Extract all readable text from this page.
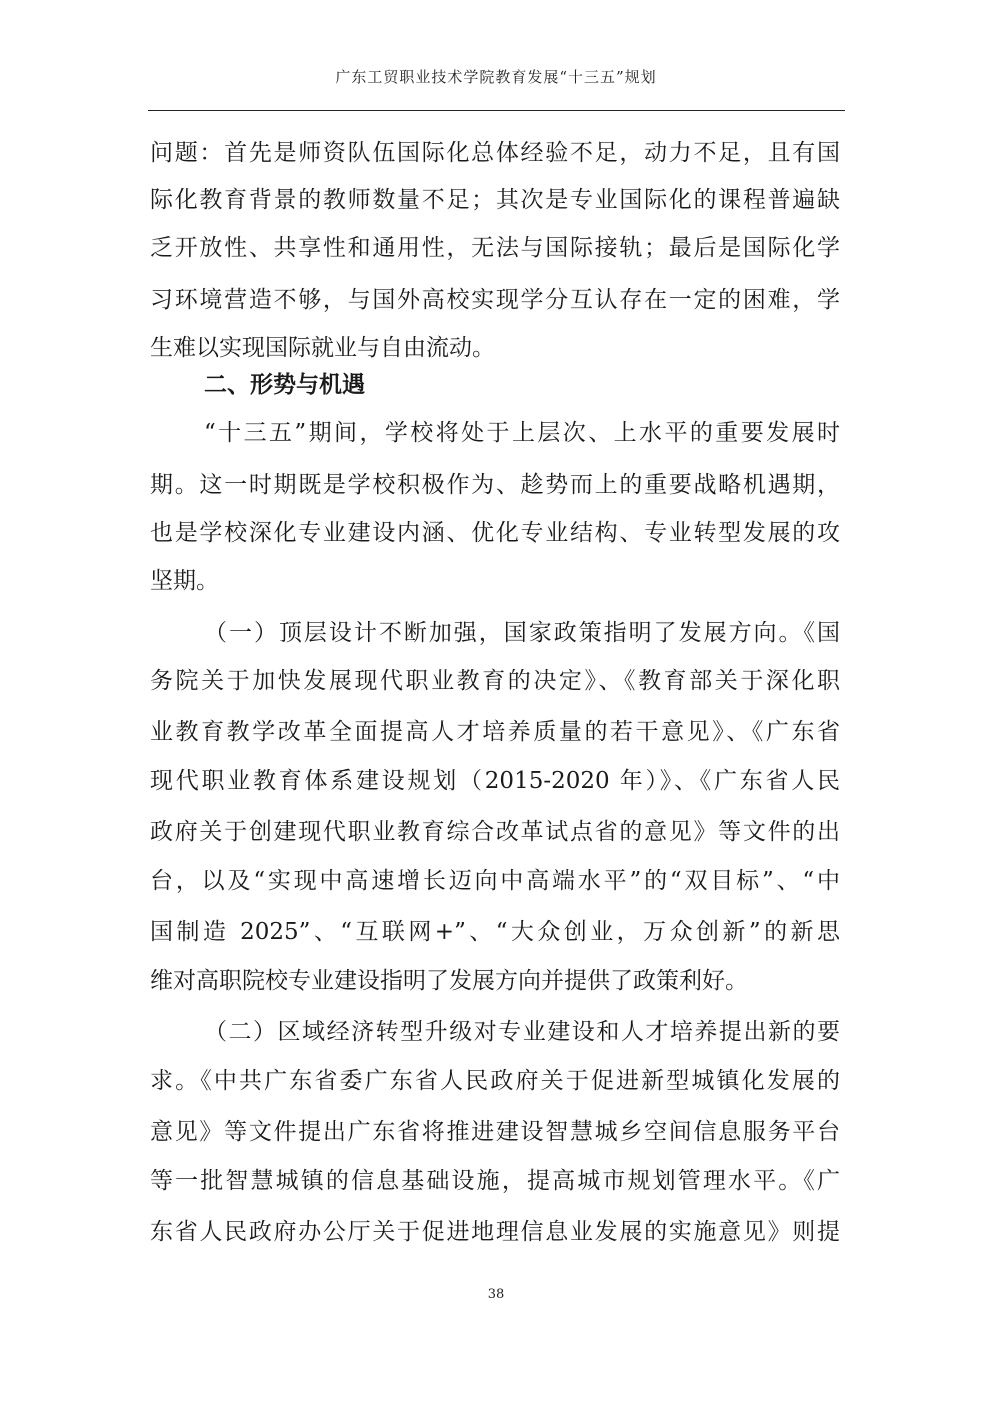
广东工贸职业技术学院教育发展“十三五”规划
问题：首先是师资队伍国际化总体经验不足，动力不足，且有国
际化教育背景的教师数量不足；其次是专业国际化的课程普遍缺
乏开放性、共享性和通用性，无法与国际接轨；最后是国际化学
习环境营造不够，与国外高校实现学分互认存在一定的困难，学
生难以实现国际就业与自由流动。
二、形势与机遇
“十三五”期间，学校将处于上层次、上水平的重要发展时
期。这一时期既是学校积极作为、趁势而上的重要战略机遇期，
也是学校深化专业建设内涵、优化专业结构、专业转型发展的攻
坚期。
（一）顶层设计不断加强，国家政策指明了发展方向。《国
务院关于加快发展现代职业教育的决定》、《教育部关于深化职
业教育教学改革全面提高人才培养质量的若干意见》、《广东省
现代职业教育体系建设规划（2015-2020 年）》、《广东省人民
政府关于创建现代职业教育综合改革试点省的意见》等文件的出
台，以及“实现中高速增长迈向中高端水平”的“双目标”、“中
国制造 2025”、“互联网+”、“大众创业，万众创新”的新思
维对高职院校专业建设指明了发展方向并提供了政策利好。
（二）区域经济转型升级对专业建设和人才培养提出新的要
求。《中共广东省委广东省人民政府关于促进新型城镇化发展的
意见》等文件提出广东省将推进建设智慧城乡空间信息服务平台
等一批智慧城镇的信息基础设施，提高城市规划管理水平。《广
东省人民政府办公厅关于促进地理信息业发展的实施意见》则提
38
